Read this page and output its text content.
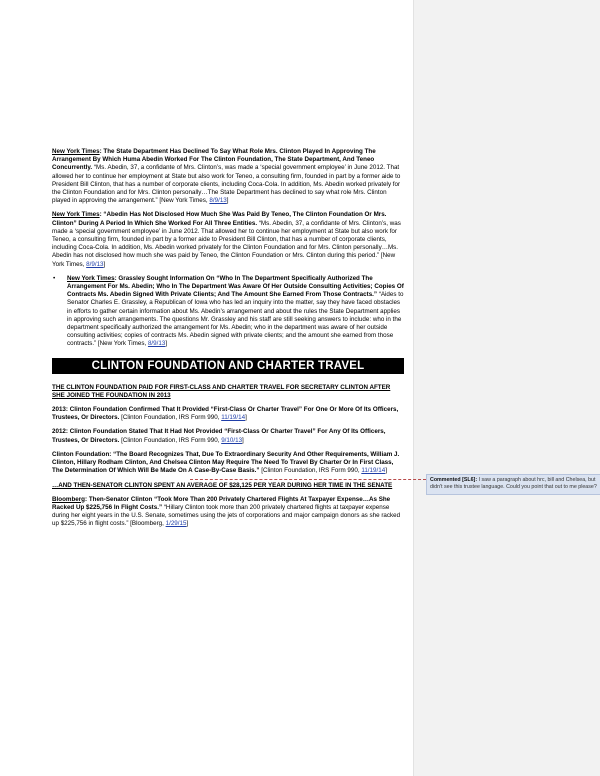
New York Times: The State Department Has Declined To Say What Role Mrs. Clinton Played In Approving The Arrangement By Which Huma Abedin Worked For The Clinton Foundation, The State Department, And Teneo Concurrently. “Ms. Abedin, 37, a confidante of Mrs. Clinton’s, was made a ‘special government employee’ in June 2012. That allowed her to continue her employment at State but also work for Teneo, a consulting firm, founded in part by a former aide to President Bill Clinton, that has a number of corporate clients, including Coca-Cola. In addition, Ms. Abedin worked privately for the Clinton Foundation and for Mrs. Clinton personally…The State Department has declined to say what role Mrs. Clinton played in approving the arrangement.” [New York Times, 8/9/13]

New York Times: “Abedin Has Not Disclosed How Much She Was Paid By Teneo, The Clinton Foundation Or Mrs. Clinton” During A Period In Which She Worked For All Three Entities. “Ms. Abedin, 37, a confidante of Mrs. Clinton’s, was made a ‘special government employee’ in June 2012. That allowed her to continue her employment at State but also work for Teneo, a consulting firm, founded in part by a former aide to President Bill Clinton, that has a number of corporate clients, including Coca-Cola. In addition, Ms. Abedin worked privately for the Clinton Foundation and for Mrs. Clinton personally…Ms. Abedin has not disclosed how much she was paid by Teneo, the Clinton Foundation or Mrs. Clinton during this period.” [New York Times, 8/9/13]

•	New York Times: Grassley Sought Information On “Who In The Department Specifically Authorized The Arrangement For Ms. Abedin; Who In The Department Was Aware Of Her Outside Consulting Activities; Copies Of Contracts Ms. Abedin Signed With Private Clients; And The Amount She Earned From Those Contracts.” “Aides to Senator Charles E. Grassley, a Republican of Iowa who has led an inquiry into the matter, say they have faced obstacles in efforts to gather certain information about Ms. Abedin’s arrangement and about the rules the State Department applies in approving such arrangements. The questions Mr. Grassley and his staff are still seeking answers to include: who in the department specifically authorized the arrangement for Ms. Abedin; who in the department was aware of her outside consulting activities; copies of contracts Ms. Abedin signed with private clients; and the amount she earned from those contracts.” [New York Times, 8/9/13]
CLINTON FOUNDATION AND CHARTER TRAVEL

THE CLINTON FOUNDATION PAID FOR FIRST-CLASS AND CHARTER TRAVEL FOR SECRETARY CLINTON AFTER SHE JOINED THE FOUNDATION IN 2013

2013: Clinton Foundation Confirmed That It Provided “First-Class Or Charter Travel” For One Or More Of Its Officers, Trustees, Or Directors. [Clinton Foundation, IRS Form 990, 11/19/14]

2012: Clinton Foundation Stated That It Had Not Provided “First-Class Or Charter Travel” For Any Of Its Officers, Trustees, Or Directors. [Clinton Foundation, IRS Form 990, 9/10/13]

Clinton Foundation: “The Board Recognizes That, Due To Extraordinary Security And Other Requirements, William J. Clinton, Hillary Rodham Clinton, And Chelsea Clinton May Require The Need To Travel By Charter Or In First Class, The Determination Of Which Will Be Made On A Case-By-Case Basis.” [Clinton Foundation, IRS Form 990, 11/19/14]

…AND THEN-SENATOR CLINTON SPENT AN AVERAGE OF $28,125 PER YEAR DURING HER TIME IN THE SENATE

Bloomberg: Then-Senator Clinton “Took More Than 200 Privately Chartered Flights At Taxpayer Expense…As She Racked Up $225,756 In Flight Costs.” “Hillary Clinton took more than 200 privately chartered flights at taxpayer expense during her eight years in the U.S. Senate, sometimes using the jets of corporations and major campaign donors as she racked up $225,756 in flight costs.” [Bloomberg, 1/29/15]

Commented [SL6]: I saw a paragraph about hrc, bill and Chelsea, but didn't see this trustee language. Could you point that out to me please?
